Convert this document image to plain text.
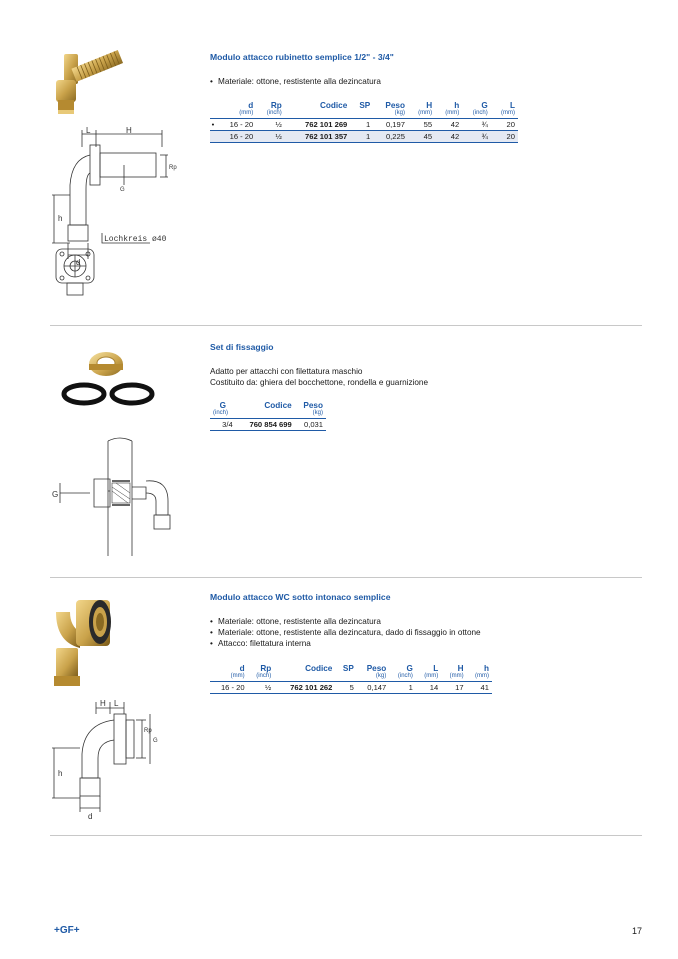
L	H
h
d
G
Rp
Lochkreis ø40
Modulo attacco rubinetto semplice 1/2" - 3/4"
• Materiale: ottone, restistente alla dezincatura
	d	Rp	Codice	SP	Peso	H	h	G	L
	(mm)	(inch)			(kg)	(mm)	(mm)	(inch)	(mm)
•	16 - 20	½	762 101 269	1	0,197	55	42	¾	20
	16 - 20	½	762 101 357	1	0,225	45	42	¾	20
G
Set di fissaggio
Adatto per attacchi con filettatura maschio
Costituito da: ghiera del bocchettone, rondella e guarnizione
G	Codice	Peso
(inch)		(kg)
3/4	760 854 699	0,031
H L
h
d
G
Rp
Modulo attacco WC sotto intonaco semplice
• Materiale: ottone, restistente alla dezincatura
• Materiale: ottone, restistente alla dezincatura, dado di fissaggio in ottone
• Attacco: filettatura interna
d	Rp	Codice	SP	Peso	G	L	H	h
(mm)	(inch)			(kg)	(inch)	(mm)	(mm)	(mm)
16 - 20	½	762 101 262	5	0,147	1	14	17	41
+GF+	17
